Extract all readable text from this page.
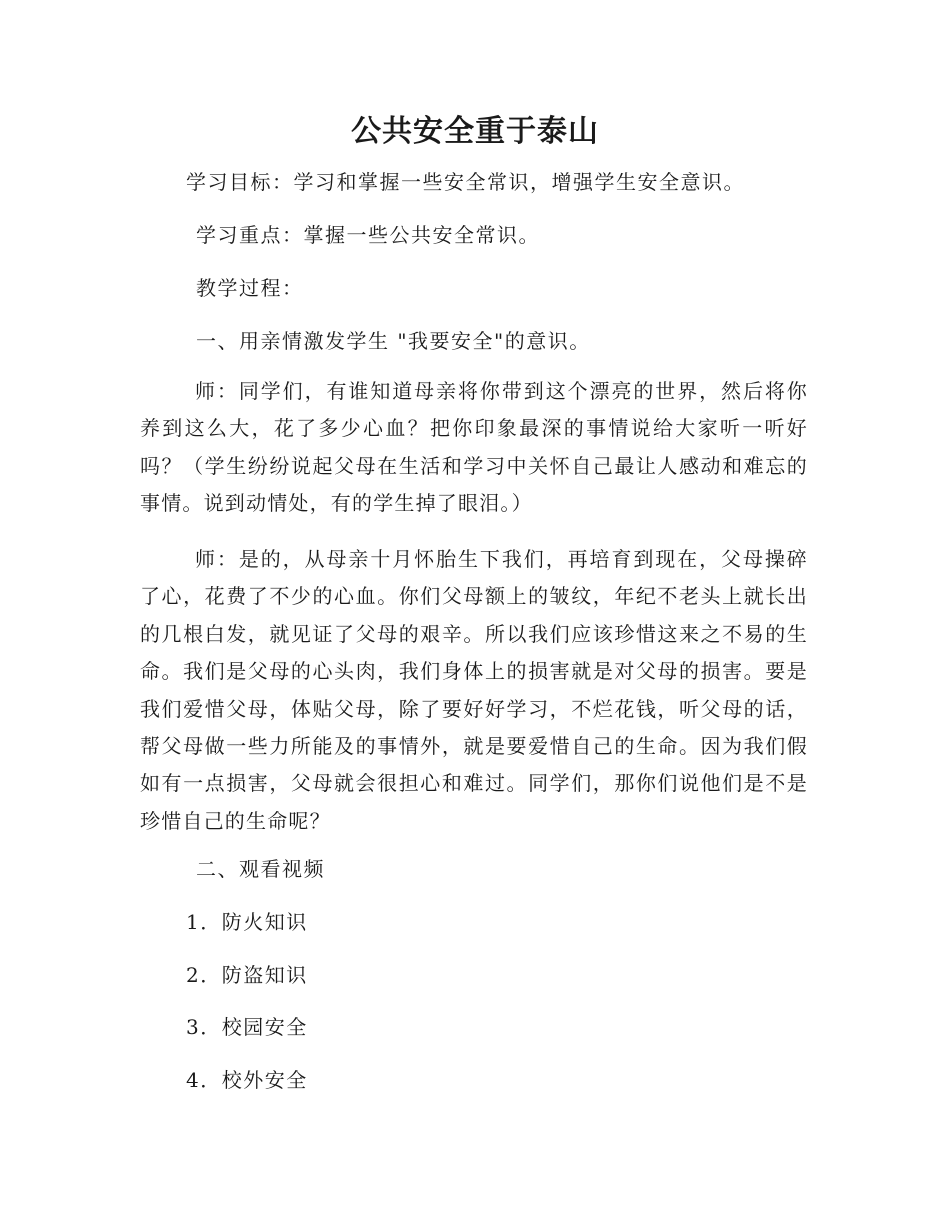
公共安全重于泰山
学习目标：学习和掌握一些安全常识，增强学生安全意识。
学习重点：掌握一些公共安全常识。
教学过程：
一、用亲情激发学生 "我要安全"的意识。

师：同学们，有谁知道母亲将你带到这个漂亮的世界，然后将你养到这么大，花了多少心血？把你印象最深的事情说给大家听一听好吗？（学生纷纷说起父母在生活和学习中关怀自己最让人感动和难忘的事情。说到动情处，有的学生掉了眼泪。）

师：是的，从母亲十月怀胎生下我们，再培育到现在，父母操碎了心，花费了不少的心血。你们父母额上的皱纹，年纪不老头上就长出的几根白发，就见证了父母的艰辛。所以我们应该珍惜这来之不易的生命。我们是父母的心头肉，我们身体上的损害就是对父母的损害。要是我们爱惜父母，体贴父母，除了要好好学习，不烂花钱，听父母的话，帮父母做一些力所能及的事情外，就是要爱惜自己的生命。因为我们假如有一点损害，父母就会很担心和难过。同学们，那你们说他们是不是珍惜自己的生命呢？

二、观看视频
1．防火知识
2．防盗知识
3．校园安全
4．校外安全
